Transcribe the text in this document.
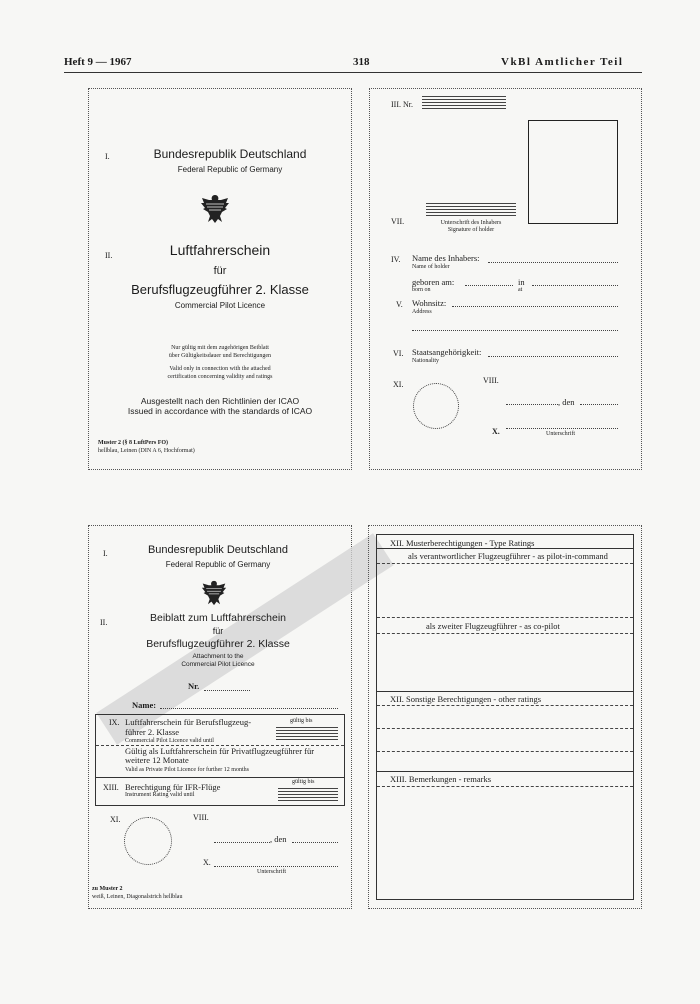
Heft 9 — 1967	318	VkBl Amtlicher Teil
I.	Bundesrepublik Deutschland
Federal Republic of Germany
II.	Luftfahrerschein
für
Berufsflugzeugführer 2. Klasse
Commercial Pilot Licence
Nur gültig mit dem zugehörigen Beiblatt
über Gültigkeitsdauer und Berechtigungen
Valid only in connection with the attached
certification concerning validity and ratings
Ausgestellt nach den Richtlinien der ICAO
Issued in accordance with the standards of ICAO
Muster 2 (§ 8 LuftPers FO)
hellblau, Leinen (DIN A 6, Hochformat)
III. Nr.
VII.	Unterschrift des Inhabers
Signature of holder
IV. Name des Inhabers:
Name of holder
geboren am:	in
born on	at
V. Wohnsitz:
Address
VI. Staatsangehörigkeit:
Nationality
XI.	VIII.
, den
X.	Unterschrift
I.	Bundesrepublik Deutschland
Federal Republic of Germany
II.	Beiblatt zum Luftfahrerschein
für
Berufsflugzeugführer 2. Klasse
Attachment to the
Commercial Pilot Licence
Nr.
Name:
IX. Luftfahrerschein für Berufsflugzeug-
führer 2. Klasse
Commercial Pilot Licence valid until
gültig bis
Gültig als Luftfahrerschein für Privatflugzeugführer für weitere 12 Monate
Valid as Private Pilot Licence for further 12 months
XIII. Berechtigung für IFR-Flüge
Instrument Rating valid until
gültig bis
XI.	VIII.
, den
X.
Unterschrift
zu Muster 2
weiß, Leinen, Diagonalstrich hellblau
XII. Musterberechtigungen - Type Ratings
als verantwortlicher Flugzeugführer - as pilot-in-command
als zweiter Flugzeugführer - as co-pilot
XII. Sonstige Berechtigungen - other ratings
XIII. Bemerkungen - remarks
